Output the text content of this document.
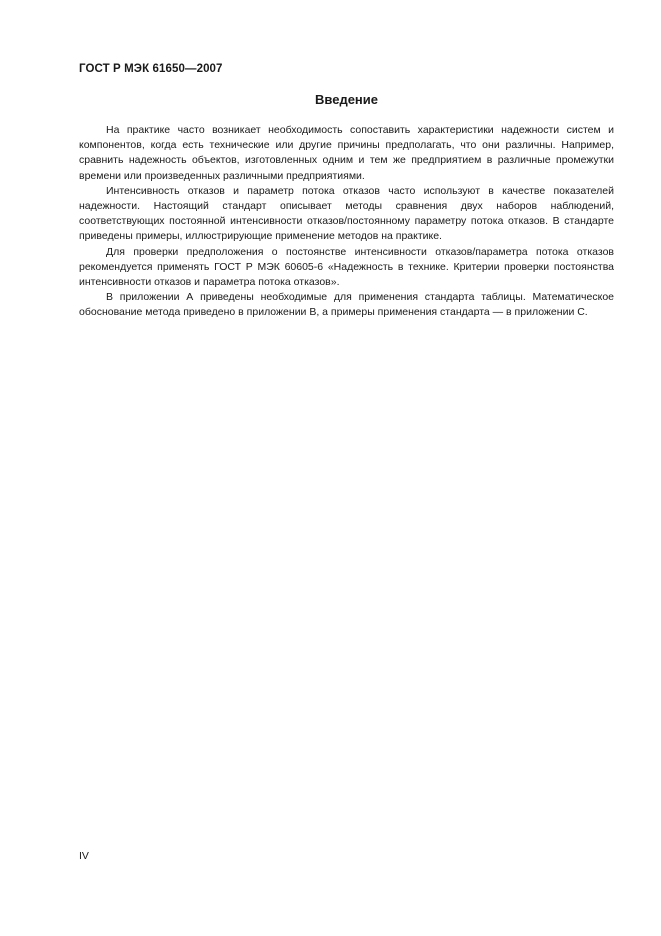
ГОСТ Р МЭК 61650—2007
Введение

На практике часто возникает необходимость сопоставить характеристики надежности систем и компонентов, когда есть технические или другие причины предполагать, что они различны. Например, сравнить надежность объектов, изготовленных одним и тем же предприятием в различные промежутки времени или произведенных различными предприятиями.

Интенсивность отказов и параметр потока отказов часто используют в качестве показателей надежности. Настоящий стандарт описывает методы сравнения двух наборов наблюдений, соответствующих постоянной интенсивности отказов/постоянному параметру потока отказов. В стандарте приведены примеры, иллюстрирующие применение методов на практике.

Для проверки предположения о постоянстве интенсивности отказов/параметра потока отказов рекомендуется применять ГОСТ Р МЭК 60605-6 «Надежность в технике. Критерии проверки постоянства интенсивности отказов и параметра потока отказов».

В приложении А приведены необходимые для применения стандарта таблицы. Математическое обоснование метода приведено в приложении В, а примеры применения стандарта — в приложении С.

IV
